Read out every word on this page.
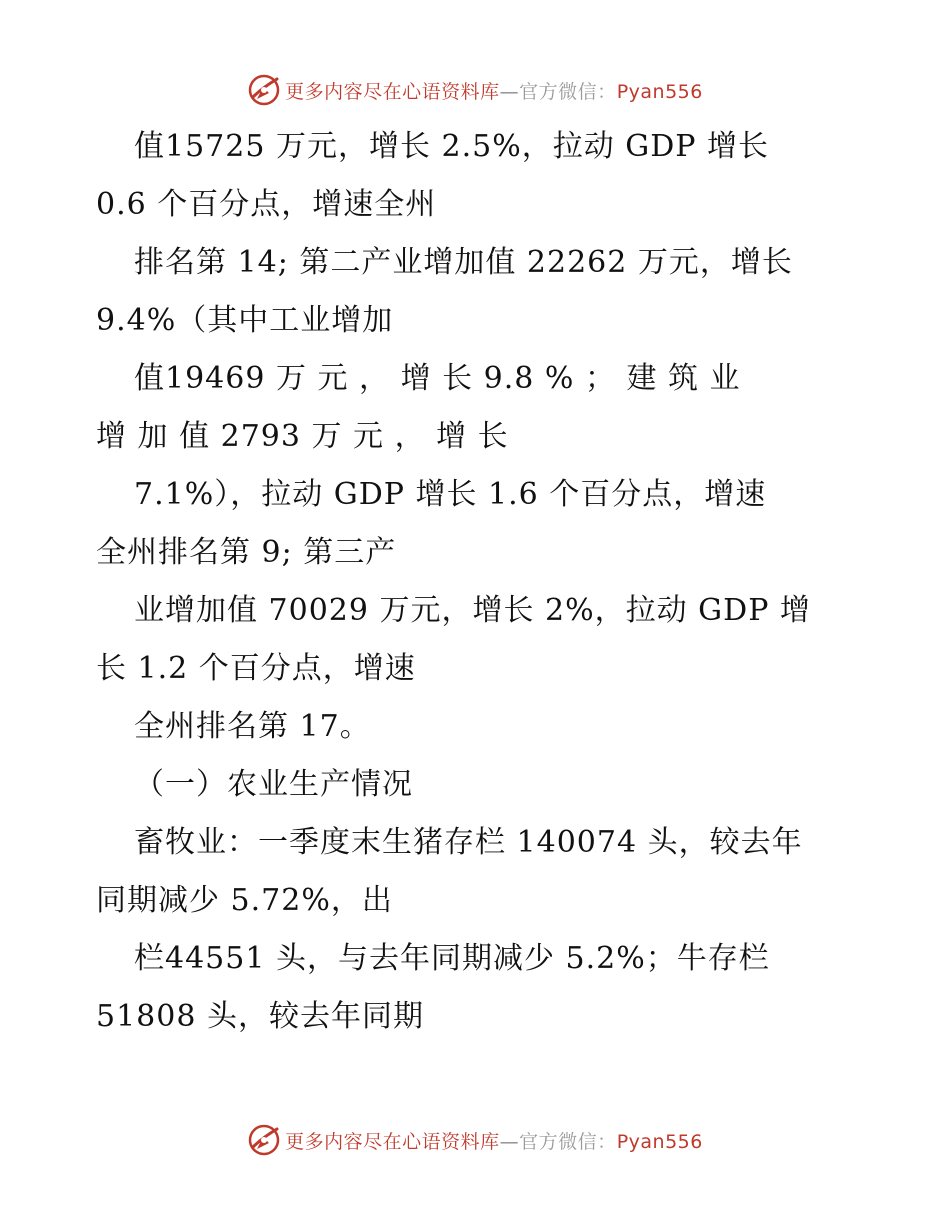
更多内容尽在心语资料库—官方微信：Pyan556
值15725 万元，增长 2.5%，拉动 GDP 增长
0.6 个百分点，增速全州
排名第 14; 第二产业增加值 22262 万元，增长
9.4%（其中工业增加
值19469 万 元 ， 增 长 9.8 % ； 建 筑 业
增 加 值 2793 万 元 ， 增 长
7.1%），拉动 GDP 增长 1.6 个百分点，增速
全州排名第 9; 第三产
业增加值 70029 万元，增长 2%，拉动 GDP 增
长 1.2 个百分点，增速
全州排名第 17。
（一）农业生产情况
畜牧业：一季度末生猪存栏 140074 头，较去年
同期减少 5.72%，出
栏44551 头，与去年同期减少 5.2%；牛存栏
51808 头，较去年同期
更多内容尽在心语资料库—官方微信：Pyan556
